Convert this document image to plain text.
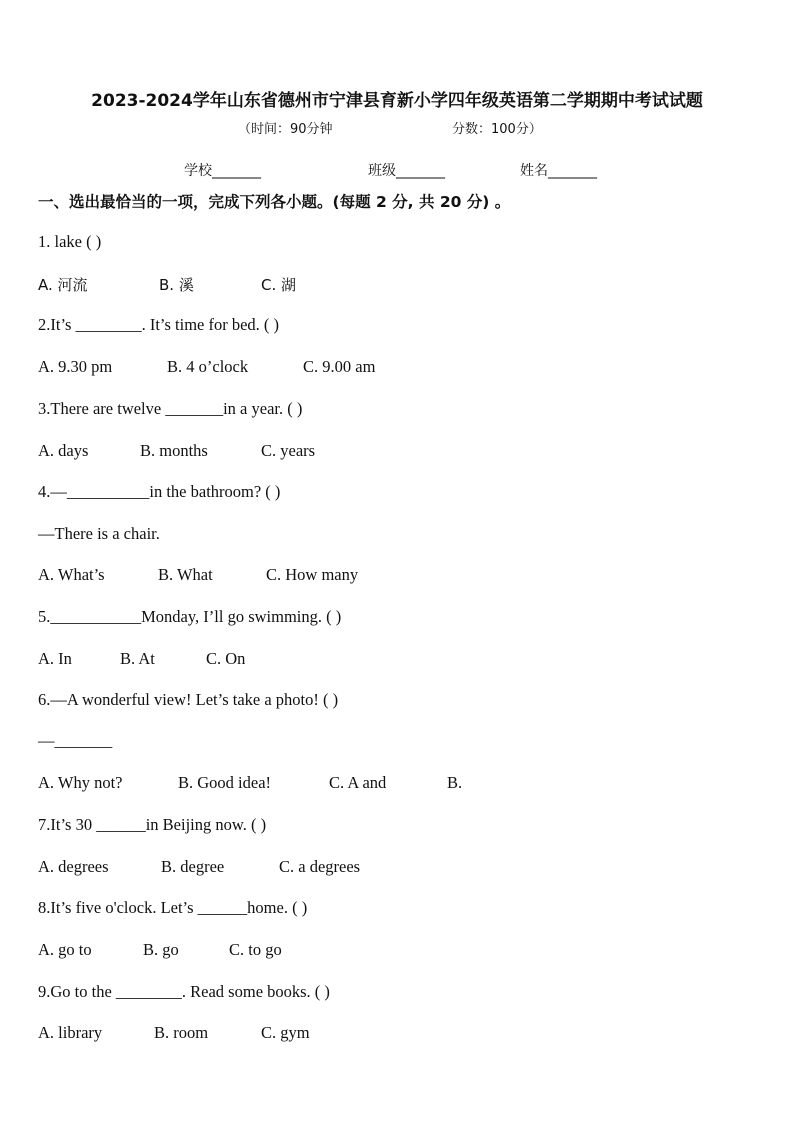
2023-2024学年山东省德州市宁津县育新小学四年级英语第二学期期中考试试题
（时间：90分钟	分数：100分）
学校_______	班级_______	姓名_______
一、选出最恰当的一项，完成下列各小题。(每题 2 分, 共 20 分) 。
1. lake ( )
A. 河流	B. 溪	C. 湖
2.It’s ________. It’s time for bed. ( )
A. 9.30 pm	B. 4 o’clock	C. 9.00 am
3.There are twelve _______in a year. ( )
A. days	B. months	C. years
4.—__________in the bathroom? ( )
—There is a chair.
A. What’s	B. What	C. How many
5.___________Monday, I’ll go swimming. ( )
A. In	B. At	C. On
6.—A wonderful view! Let’s take a photo! ( )
—_______
A. Why not?	B. Good idea!	C. A and	B.
7.It’s 30 ______in Beijing now. ( )
A. degrees	B. degree	C. a degrees
8.It’s five o'clock. Let’s ______home. ( )
A. go to	B. go	C. to go
9.Go to the ________. Read some books. ( )
A. library	B. room	C. gym
